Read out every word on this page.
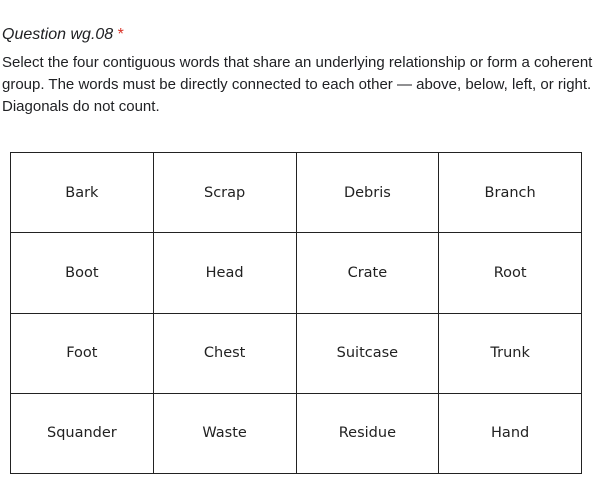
Question wg.08 *
Select the four contiguous words that share an underlying relationship or form a coherent group. The words must be directly connected to each other — above, below, left, or right. Diagonals do not count.
Bark	Scrap	Debris	Branch
Boot	Head	Crate	Root
Foot	Chest	Suitcase	Trunk
Squander	Waste	Residue	Hand
